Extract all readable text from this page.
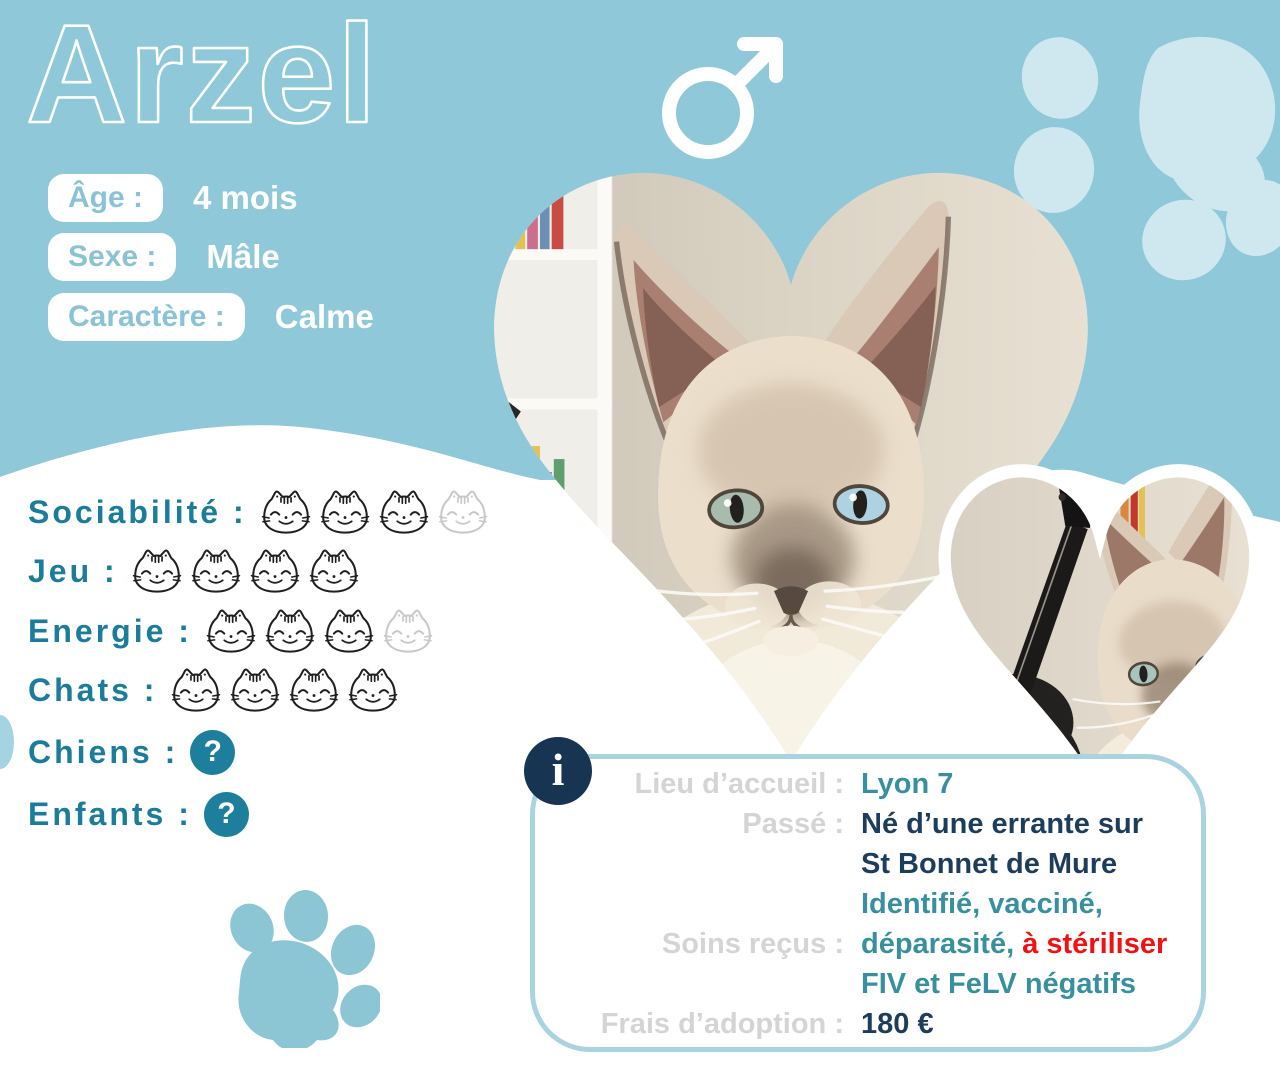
Arzel
Âge :	4 mois
Sexe :	Mâle
Caractère :	Calme
Sociabilité :
Jeu :
Energie :
Chats :
Chiens : ?
Enfants : ?
i	Lieu d’accueil : Lyon 7
Passé : Né d’une errante sur
St Bonnet de Mure
Soins reçus :
Identifié, vacciné,
déparasité, à stériliser
FIV et FeLV négatifs
Frais d’adoption : 180 €
